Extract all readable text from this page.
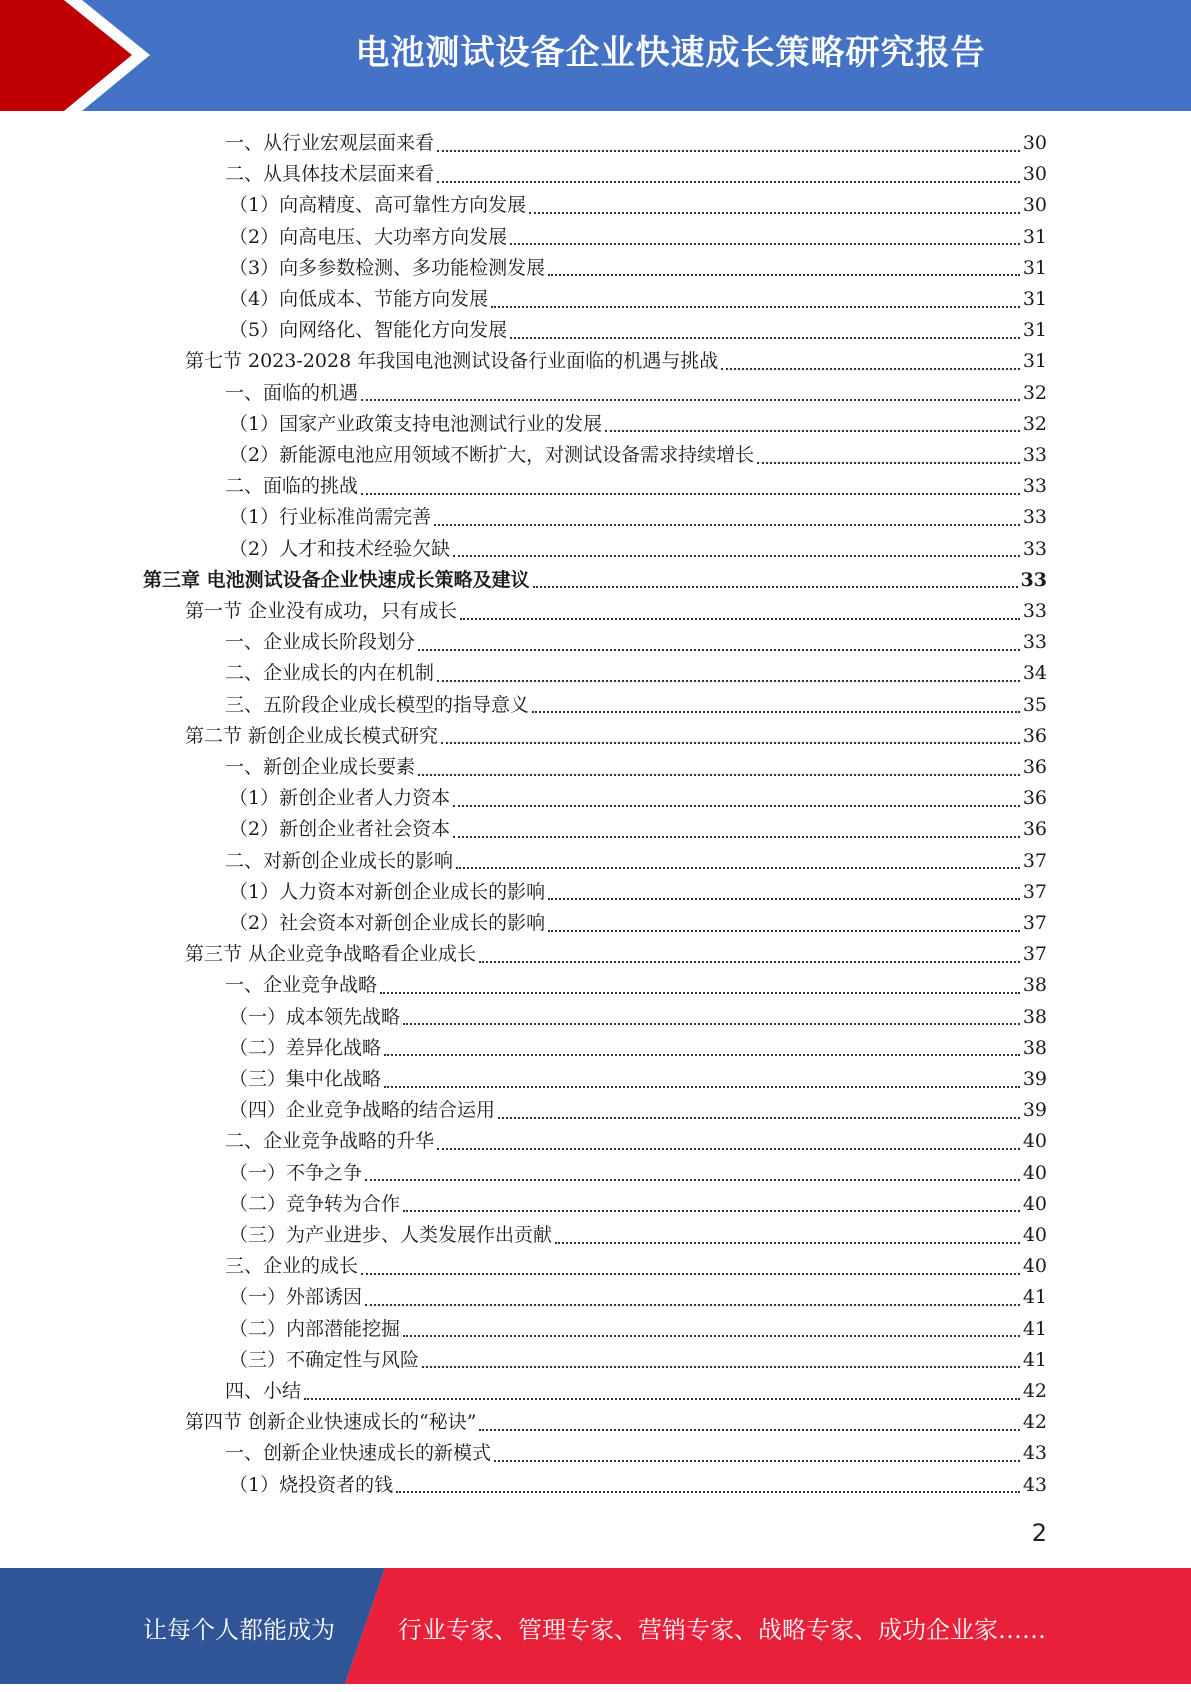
电池测试设备企业快速成长策略研究报告
一、从行业宏观层面来看	30
二、从具体技术层面来看	30
（1）向高精度、高可靠性方向发展	30
（2）向高电压、大功率方向发展	31
（3）向多参数检测、多功能检测发展	31
（4）向低成本、节能方向发展	31
（5）向网络化、智能化方向发展	31
第七节 2023-2028 年我国电池测试设备行业面临的机遇与挑战	31
一、面临的机遇	32
（1）国家产业政策支持电池测试行业的发展	32
（2）新能源电池应用领域不断扩大，对测试设备需求持续增长	33
二、面临的挑战	33
（1）行业标准尚需完善	33
（2）人才和技术经验欠缺	33
第三章 电池测试设备企业快速成长策略及建议	33
第一节 企业没有成功，只有成长	33
一、企业成长阶段划分	33
二、企业成长的内在机制	34
三、五阶段企业成长模型的指导意义	35
第二节 新创企业成长模式研究	36
一、新创企业成长要素	36
（1）新创企业者人力资本	36
（2）新创企业者社会资本	36
二、对新创企业成长的影响	37
（1）人力资本对新创企业成长的影响	37
（2）社会资本对新创企业成长的影响	37
第三节 从企业竞争战略看企业成长	37
一、企业竞争战略	38
（一）成本领先战略	38
（二）差异化战略	38
（三）集中化战略	39
（四）企业竞争战略的结合运用	39
二、企业竞争战略的升华	40
（一）不争之争	40
（二）竞争转为合作	40
（三）为产业进步、人类发展作出贡献	40
三、企业的成长	40
（一）外部诱因	41
（二）内部潜能挖掘	41
（三）不确定性与风险	41
四、小结	42
第四节 创新企业快速成长的“秘诀”	42
一、创新企业快速成长的新模式	43
（1）烧投资者的钱	43
2
让每个人都能成为	行业专家、管理专家、营销专家、战略专家、成功企业家……
